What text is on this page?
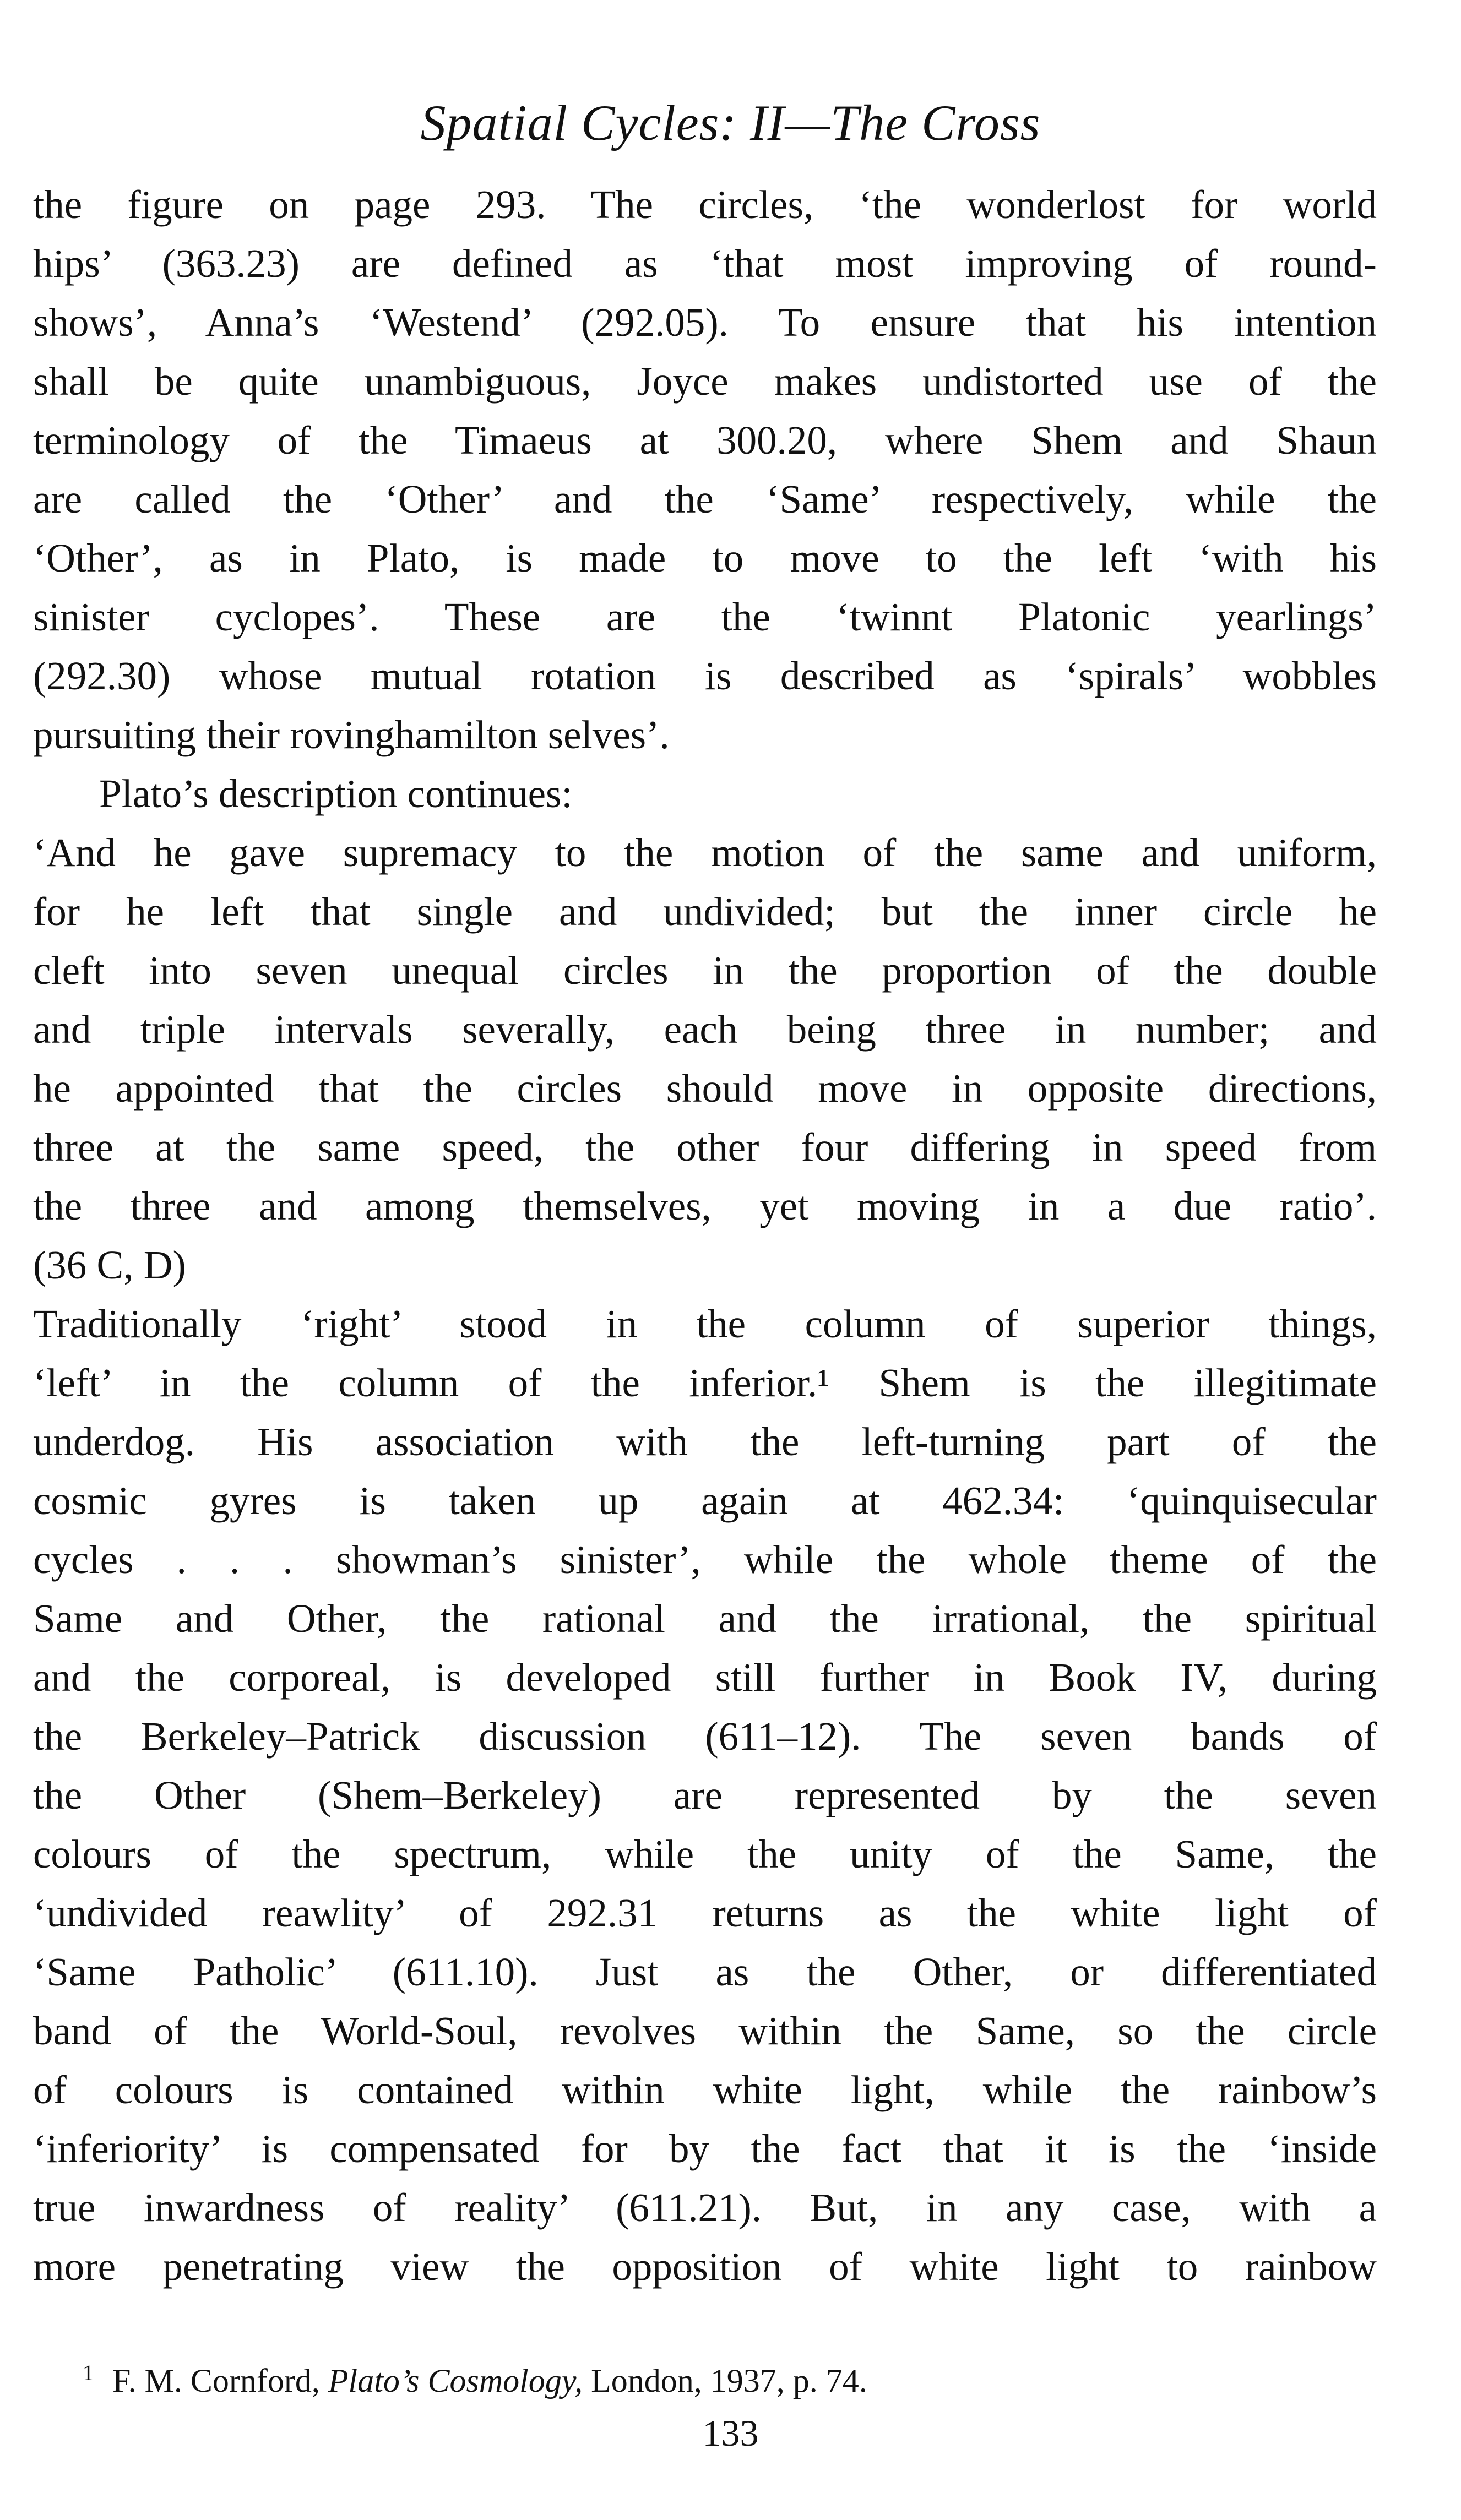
Spatial Cycles: II—The Cross
the figure on page 293. The circles, ‘the wonderlost for world
hips’ (363.23) are defined as ‘that most improving of round-
shows’, Anna’s ‘Westend’ (292.05). To ensure that his intention
shall be quite unambiguous, Joyce makes undistorted use of the
terminology of the Timaeus at 300.20, where Shem and Shaun
are called the ‘Other’ and the ‘Same’ respectively, while the
‘Other’, as in Plato, is made to move to the left ‘with his
sinister cyclopes’. These are the ‘twinnt Platonic yearlings’
(292.30) whose mutual rotation is described as ‘spirals’ wobbles
pursuiting their rovinghamilton selves’.
Plato’s description continues:
‘And he gave supremacy to the motion of the same and uniform,
for he left that single and undivided; but the inner circle he
cleft into seven unequal circles in the proportion of the double
and triple intervals severally, each being three in number; and
he appointed that the circles should move in opposite directions,
three at the same speed, the other four differing in speed from
the three and among themselves, yet moving in a due ratio’.
(36 C, D)
Traditionally ‘right’ stood in the column of superior things,
‘left’ in the column of the inferior.¹ Shem is the illegitimate
underdog. His association with the left-turning part of the
cosmic gyres is taken up again at 462.34: ‘quinquisecular
cycles . . . showman’s sinister’, while the whole theme of the
Same and Other, the rational and the irrational, the spiritual
and the corporeal, is developed still further in Book IV, during
the Berkeley–Patrick discussion (611–12). The seven bands of
the Other (Shem–Berkeley) are represented by the seven
colours of the spectrum, while the unity of the Same, the
‘undivided reawlity’ of 292.31 returns as the white light of
‘Same Patholic’ (611.10). Just as the Other, or differentiated
band of the World-Soul, revolves within the Same, so the circle
of colours is contained within white light, while the rainbow’s
‘inferiority’ is compensated for by the fact that it is the ‘inside
true inwardness of reality’ (611.21). But, in any case, with a
more penetrating view the opposition of white light to rainbow
$^1$ F. M. Cornford, Plato’s Cosmology, London, 1937, p. 74.
133
